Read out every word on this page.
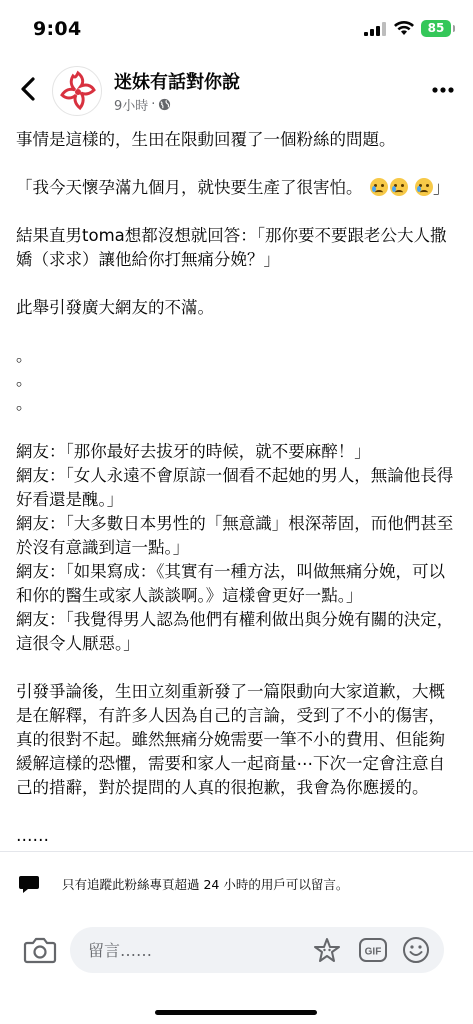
9:04	85
迷妹有話對你說
9小時 ·

事情是這樣的，生田在限動回覆了一個粉絲的問題。

「我今天懷孕滿九個月，就快要生產了很害怕。
	」

結果直男toma想都沒想就回答：「那你要不要跟老公大人撒嬌（求求）讓他給你打無痛分娩？」

此舉引發廣大網友的不滿。

。
。
。

網友：「那你最好去拔牙的時候，就不要麻醉！」

網友：「女人永遠不會原諒一個看不起她的男人，無論他長得好看還是醜。」

網友：「大多數日本男性的「無意識」根深蒂固，而他們甚至於沒有意識到這一點。」

網友：「如果寫成：《其實有一種方法，叫做無痛分娩，可以和你的醫生或家人談談啊。》這樣會更好一點。」

網友：「我覺得男人認為他們有權利做出與分娩有關的決定，這很令人厭惡。」

引發爭論後，生田立刻重新發了一篇限動向大家道歉，大概是在解釋，有許多人因為自己的言論，受到了不小的傷害，真的很對不起。雖然無痛分娩需要一筆不小的費用、但能夠緩解這樣的恐懼，需要和家人一起商量⋯下次一定會注意自己的措辭，對於提問的人真的很抱歉，我會為你應援的。

……

只有追蹤此粉絲專頁超過 24 小時的用戶可以留言。
留言……
GIF
